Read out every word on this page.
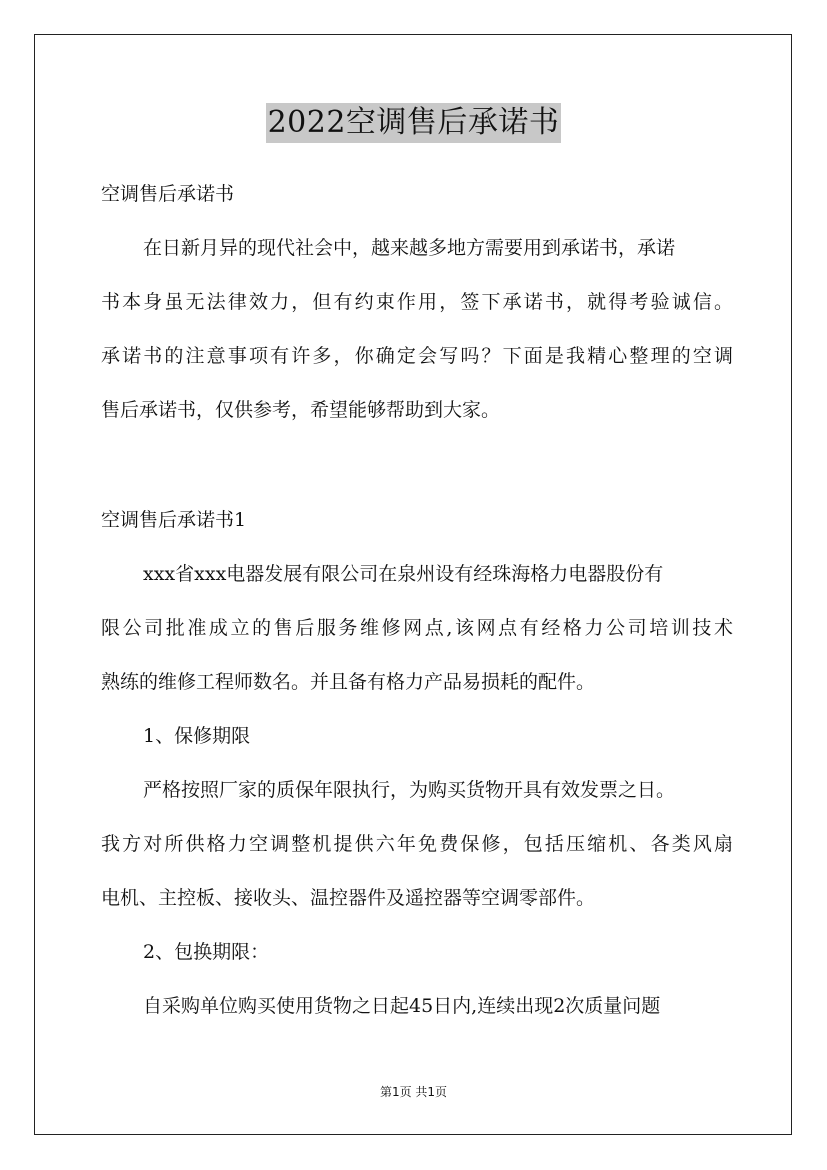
2022空调售后承诺书
空调售后承诺书
在日新月异的现代社会中，越来越多地方需要用到承诺书，承诺
书本身虽无法律效力，但有约束作用，签下承诺书，就得考验诚信。
承诺书的注意事项有许多，你确定会写吗？下面是我精心整理的空调
售后承诺书，仅供参考，希望能够帮助到大家。
空调售后承诺书1
xxx省xxx电器发展有限公司在泉州设有经珠海格力电器股份有
限公司批准成立的售后服务维修网点,该网点有经格力公司培训技术
熟练的维修工程师数名。并且备有格力产品易损耗的配件。
1、保修期限
严格按照厂家的质保年限执行，为购买货物开具有效发票之日。
我方对所供格力空调整机提供六年免费保修，包括压缩机、各类风扇
电机、主控板、接收头、温控器件及遥控器等空调零部件。
2、包换期限：
自采购单位购买使用货物之日起45日内,连续出现2次质量问题
第1页 共1页
